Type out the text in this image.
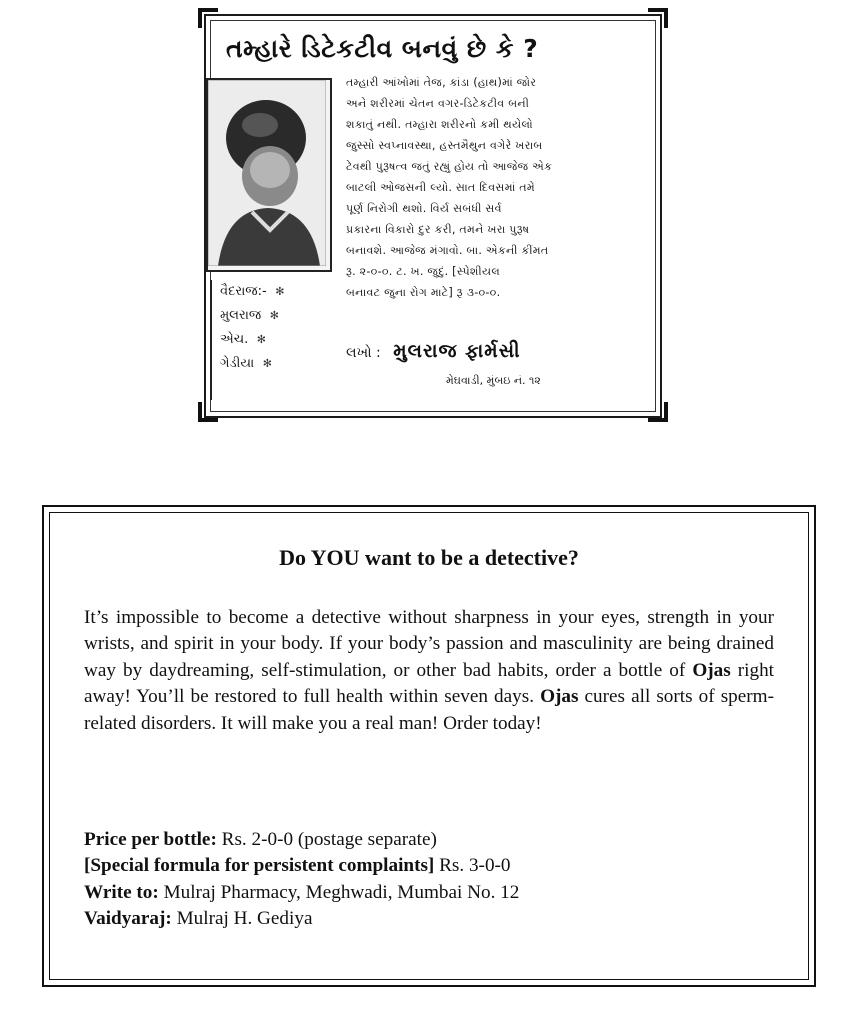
તમ્હારે ડિટેકટીવ બનવું છે કે ?
તમ્હારી આંખોમાં તેજ, કાંડા (હાથ)માં જોર
અને શરીરમાં ચેતન વગર-ડિટેકટીવ બની
શકાતું નથી. તમ્હારા શરીરનો કમી થયેલો
જુસ્સો સ્વપ્નાવસ્થા, હસ્તમૈથુન વગેરે ખરાબ
ટેવથી પુરૂષત્વ જતું રહ્યું હોય તો આજેજ એક
બાટલી ઓજસની લ્યો. સાત દિવસમાં તમે
પૂર્ણ નિરોગી થશો. વિર્ય સબંધી સર્વ
પ્રકારના વિકારો દુર કરી, તમને ખરા પુરૂષ
બનાવશે. આજેજ મંગાવો. બા. એકની કીંમત
રૂ. ૨-૦-૦. ટ. ખ. જુદું. [સ્પેશીયલ
બનાવટ જુના રોગ માટે] રૂ ૩-૦-૦.
વૈદરાજ:- ✻
મુલરાજ ✻
એચ. ✻
ગેડીયા ✻
લખો : મુલરાજ ફાર્મસી
મેઘવાડી, મુંબઇ નં. ૧૨
Do YOU want to be a detective?
It’s impossible to become a detective without sharpness in your eyes, strength in your wrists, and spirit in your body. If your body’s passion and masculinity are being drained way by daydreaming, self-stimulation, or other bad habits, order a bottle of Ojas right away! You’ll be restored to full health within seven days. Ojas cures all sorts of sperm-related disorders. It will make you a real man! Order today!
Price per bottle: Rs. 2-0-0 (postage separate)
[Special formula for persistent complaints] Rs. 3-0-0
Write to: Mulraj Pharmacy, Meghwadi, Mumbai No. 12
Vaidyaraj: Mulraj H. Gediya
